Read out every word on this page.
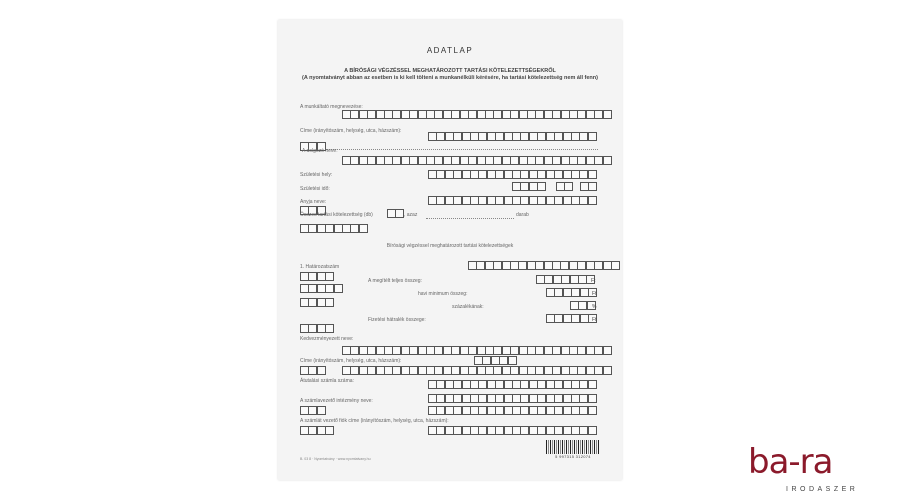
ADATLAP
A BÍRÓSÁGI VÉGZÉSSEL MEGHATÁROZOTT TARTÁSI KÖTELEZETTSÉGEKRŐL
(A nyomtatványt abban az esetben is ki kell tölteni a munkanélküli kérésére, ha tartási kötelezettség nem áll fenn)
A munkáltató megnevezése:
Címe (irányítószám, helység, utca, házszám):
A dolgozó neve:
Születési hely:
Születési idő:
Anyja neve:
Összes tartási kötelezettség (db)	, azaz	darab
Bírósági végzéssel meghatározott tartási kötelezettségek
1. Határozatszám
A megítélt teljes összeg:	Ft
havi minimum összeg:	Ft
százalékának:	%
Fizetési hátralék összege:	Ft
Kedvezményezett neve:
Címe (irányítószám, helység, utca, házszám):
Átutalási számla száma:
A számlavezető intézmény neve:
A számlát vezető fiók címe (irányítószám, helység, utca, házszám):
B. 03 8 · Nyomtatvány · www.nyomtatvany.hu	5 997315 312074	ba-ra
IRODASZER
